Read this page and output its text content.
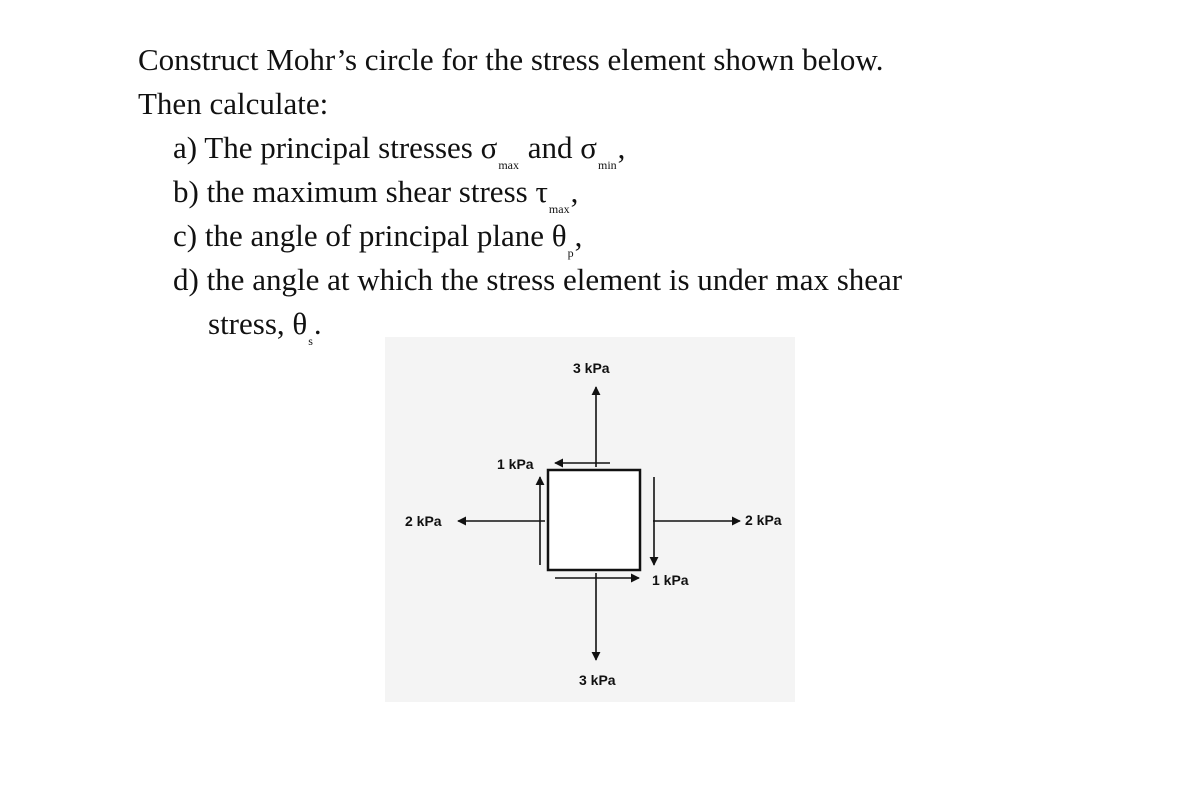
Construct Mohr’s circle for the stress element shown below.
Then calculate:
a) The principal stresses $\sigma_{max}$ and $\sigma_{min}$,
b) the maximum shear stress $\tau_{max}$,
c) the angle of principal plane $\theta_p$,
d) the angle at which the stress element is under max shear
stress, $\theta_s$.
3 kPa
3 kPa
2 kPa	2 kPa
1 kPa
1 kPa
